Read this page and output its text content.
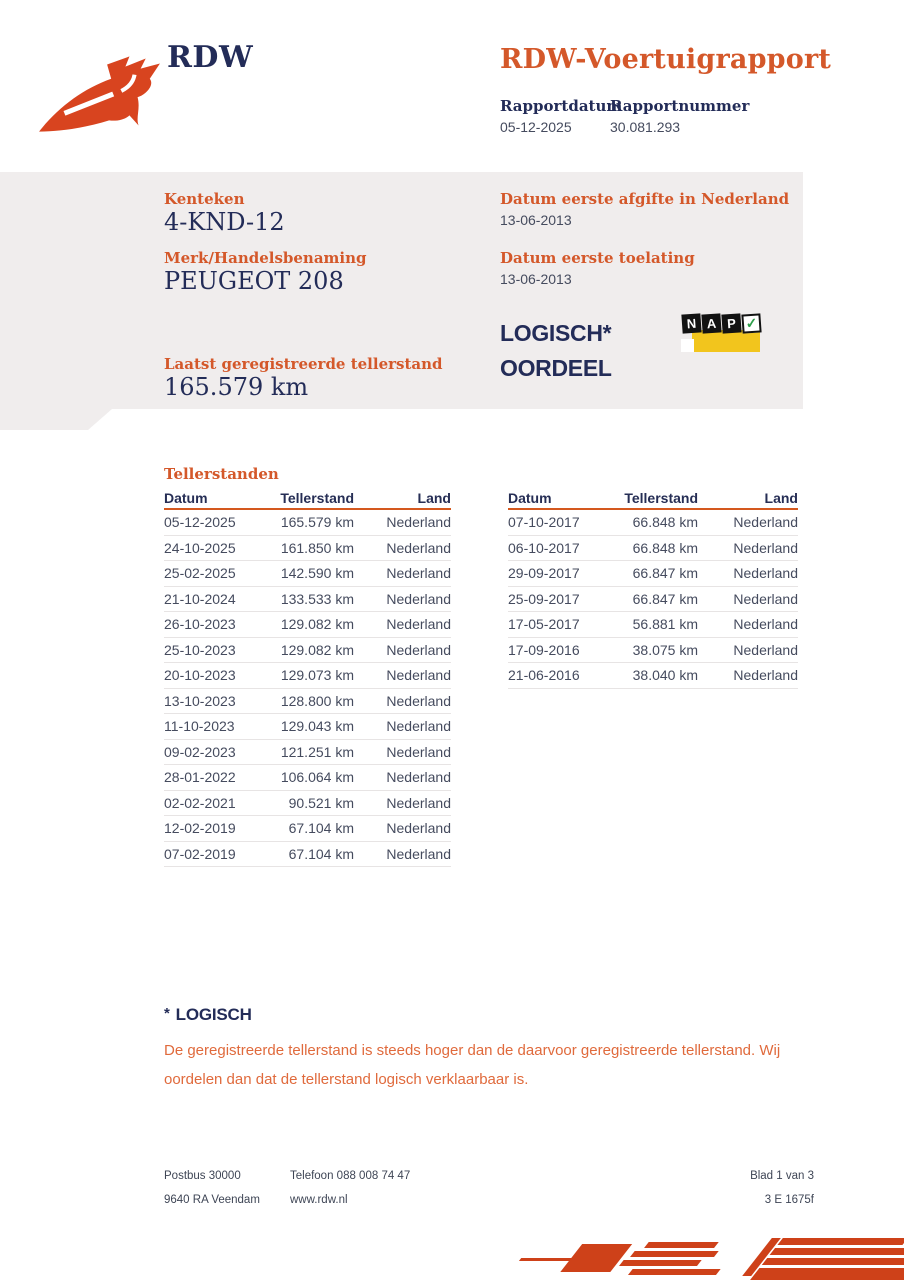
RDW	RDW-Voertuigrapport
Rapportdatum
Rapportnummer
05-12-2025	30.081.293
Kenteken
4-KND-12
Merk/Handelsbenaming
PEUGEOT 208
Laatst geregistreerde tellerstand
165.579 km
Datum eerste afgifte in Nederland
13-06-2013
Datum eerste toelating
13-06-2013
LOGISCH*
OORDEEL
N A P ✓
Tellerstanden
Datum	Tellerstand	Land
05-12-2025	165.579 km	Nederland
24-10-2025	161.850 km	Nederland
25-02-2025	142.590 km	Nederland
21-10-2024	133.533 km	Nederland
26-10-2023	129.082 km	Nederland
25-10-2023	129.082 km	Nederland
20-10-2023	129.073 km	Nederland
13-10-2023	128.800 km	Nederland
11-10-2023	129.043 km	Nederland
09-02-2023	121.251 km	Nederland
28-01-2022	106.064 km	Nederland
02-02-2021	90.521 km	Nederland
12-02-2019	67.104 km	Nederland
07-02-2019	67.104 km	Nederland
Datum	Tellerstand	Land
07-10-2017	66.848 km	Nederland
06-10-2017	66.848 km	Nederland
29-09-2017	66.847 km	Nederland
25-09-2017	66.847 km	Nederland
17-05-2017	56.881 km	Nederland
17-09-2016	38.075 km	Nederland
21-06-2016	38.040 km	Nederland
* LOGISCH
De geregistreerde tellerstand is steeds hoger dan de daarvoor geregistreerde tellerstand. Wij oordelen dan dat de tellerstand logisch verklaarbaar is.
Postbus 30000	Telefoon 088 008 74 47	Blad 1 van 3
9640 RA Veendam	www.rdw.nl	3 E 1675f
